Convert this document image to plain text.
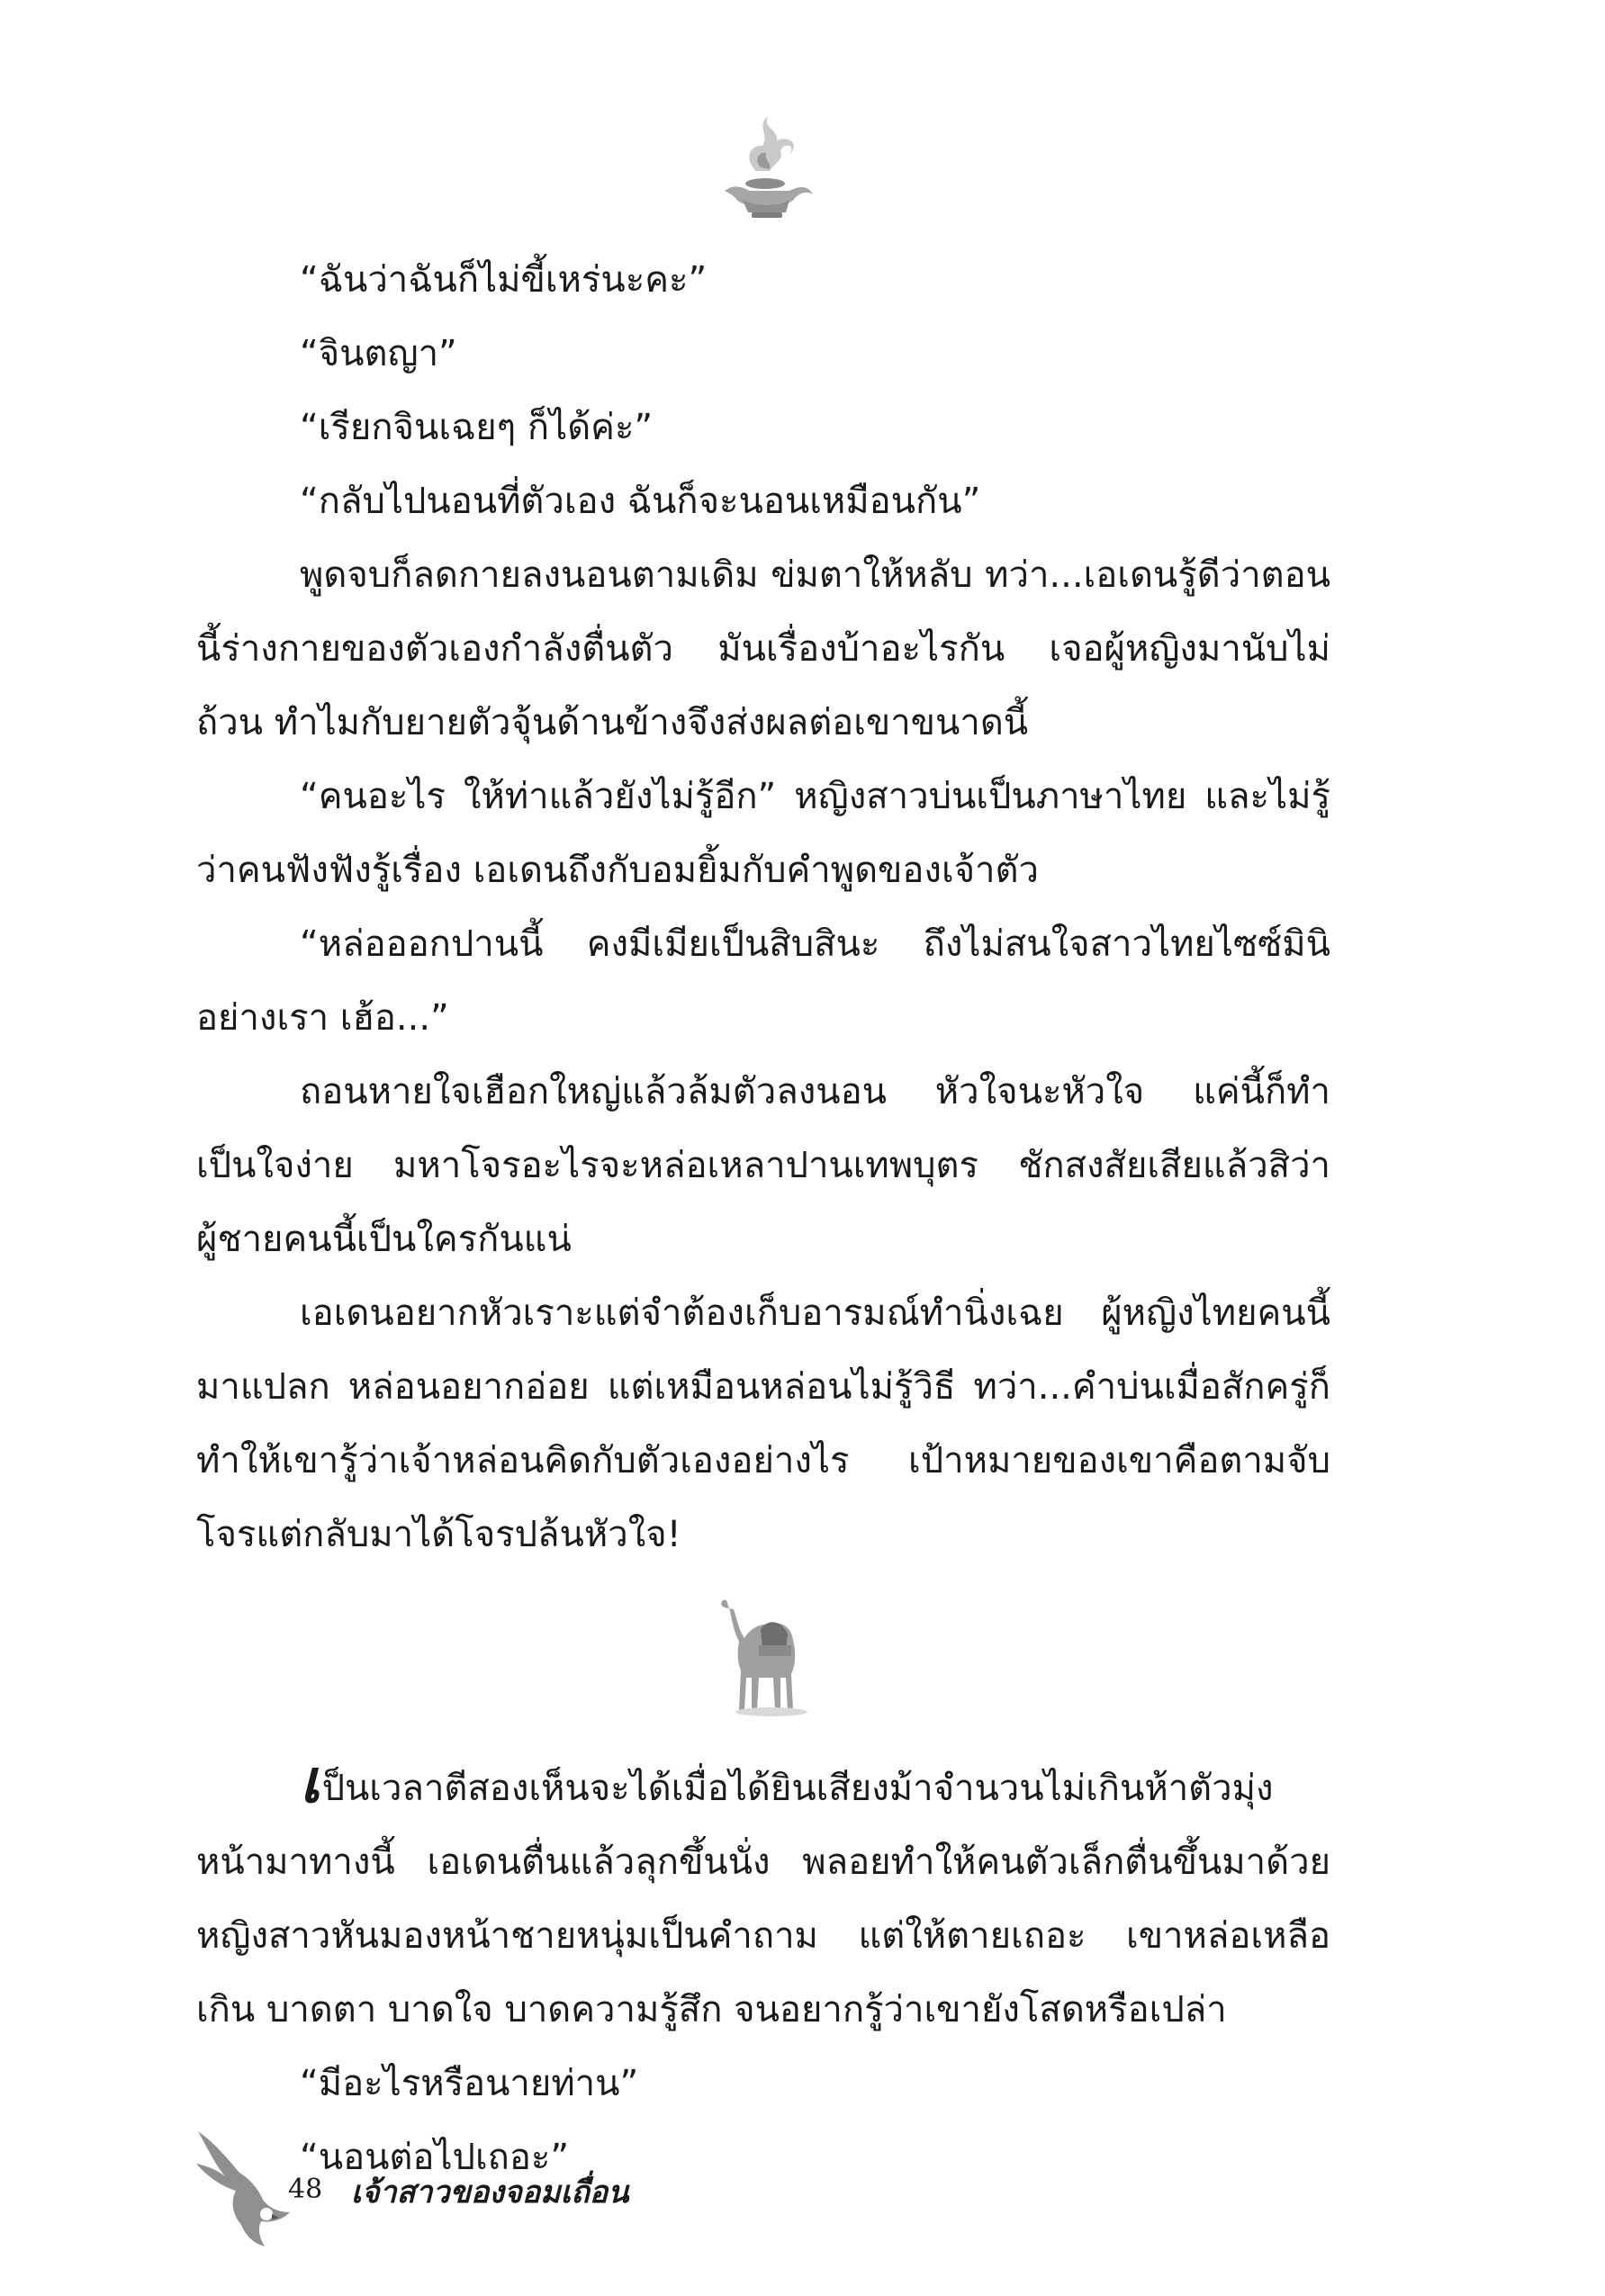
“ฉันว่าฉันก็ไม่ขี้เหร่นะคะ”

“จินตญา”

“เรียกจินเฉยๆ ก็ได้ค่ะ”

“กลับไปนอนที่ตัวเอง ฉันก็จะนอนเหมือนกัน”

พูดจบก็ลดกายลงนอนตามเดิม ข่มตาให้หลับ ทว่า...เอเดนรู้ดีว่าตอนนี้ร่างกายของตัวเองกำลังตื่นตัว มันเรื่องบ้าอะไรกัน เจอผู้หญิงมานับไม่ถ้วน ทำไมกับยายตัวจุ้นด้านข้างจึงส่งผลต่อเขาขนาดนี้

“คนอะไร ให้ท่าแล้วยังไม่รู้อีก” หญิงสาวบ่นเป็นภาษาไทย และไม่รู้ว่าคนฟังฟังรู้เรื่อง เอเดนถึงกับอมยิ้มกับคำพูดของเจ้าตัว

“หล่อออกปานนี้ คงมีเมียเป็นสิบสินะ ถึงไม่สนใจสาวไทยไซซ์มินิอย่างเรา เฮ้อ...”

ถอนหายใจเฮือกใหญ่แล้วล้มตัวลงนอน หัวใจนะหัวใจ แค่นี้ก็ทำเป็นใจง่าย มหาโจรอะไรจะหล่อเหลาปานเทพบุตร ชักสงสัยเสียแล้วสิว่าผู้ชายคนนี้เป็นใครกันแน่

เอเดนอยากหัวเราะแต่จำต้องเก็บอารมณ์ทำนิ่งเฉย ผู้หญิงไทยคนนี้มาแปลก หล่อนอยากอ่อย แต่เหมือนหล่อนไม่รู้วิธี ทว่า...คำบ่นเมื่อสักครู่ก็ทำให้เขารู้ว่าเจ้าหล่อนคิดกับตัวเองอย่างไร เป้าหมายของเขาคือตามจับโจรแต่กลับมาได้โจรปล้นหัวใจ!

เป็นเวลาตีสองเห็นจะได้เมื่อได้ยินเสียงม้าจำนวนไม่เกินห้าตัวมุ่งหน้ามาทางนี้ เอเดนตื่นแล้วลุกขึ้นนั่ง พลอยทำให้คนตัวเล็กตื่นขึ้นมาด้วย หญิงสาวหันมองหน้าชายหนุ่มเป็นคำถาม แต่ให้ตายเถอะ เขาหล่อเหลือเกิน บาดตา บาดใจ บาดความรู้สึก จนอยากรู้ว่าเขายังโสดหรือเปล่า

“มีอะไรหรือนายท่าน”

“นอนต่อไปเถอะ”

48 เจ้าสาวของจอมเถื่อน
